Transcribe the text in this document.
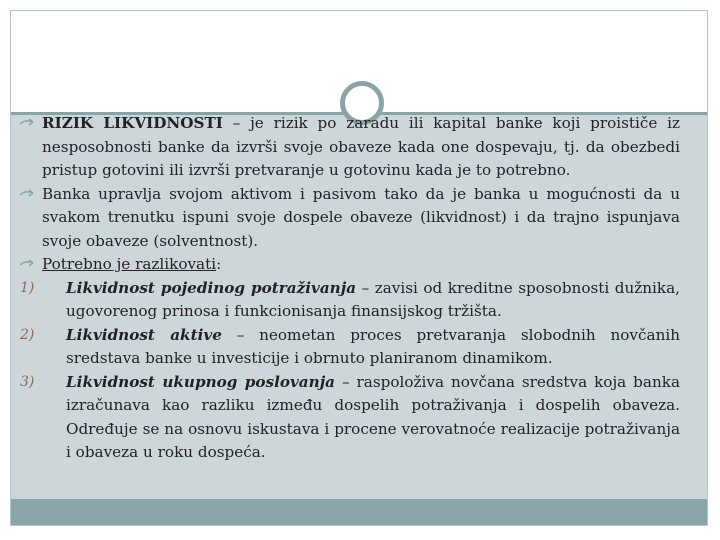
RIZIK LIKVIDNOSTI – je rizik po zaradu ili kapital banke koji proističe iz nesposobnosti banke da izvrši svoje obaveze kada one dospevaju, tj. da obezbedi pristup gotovini ili izvrši pretvaranje u gotovinu kada je to potrebno.

Banka upravlja svojom aktivom i pasivom tako da je banka u mogućnosti da u svakom trenutku ispuni svoje dospele obaveze (likvidnost) i da trajno ispunjava svoje obaveze (solventnost).

Potrebno je razlikovati:

1) Likvidnost pojedinog potraživanja – zavisi od kreditne sposobnosti dužnika, ugovorenog prinosa i funkcionisanja finansijskog tržišta.

2) Likvidnost aktive – neometan proces pretvaranja slobodnih novčanih sredstava banke u investicije i obrnuto planiranom dinamikom.

3) Likvidnost ukupnog poslovanja – raspoloživa novčana sredstva koja banka izračunava kao razliku između dospelih potraživanja i dospelih obaveza. Određuje se na osnovu iskustava i procene verovatnoće realizacije potraživanja i obaveza u roku dospeća.
